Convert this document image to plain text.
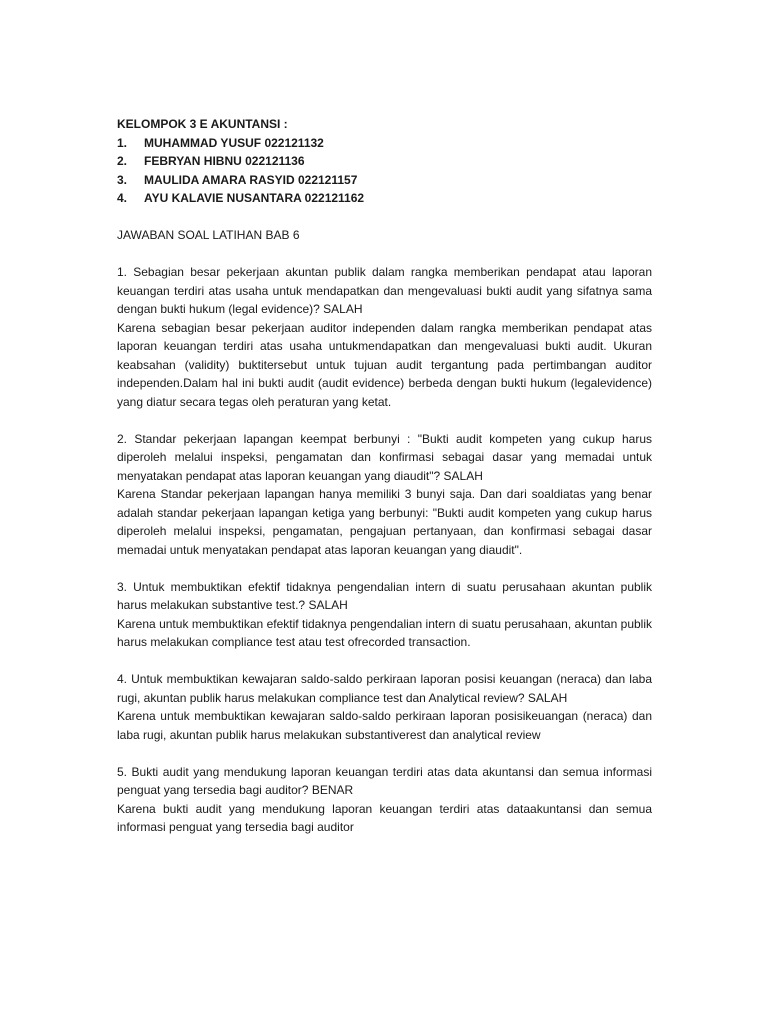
KELOMPOK 3 E AKUNTANSI :
1.	MUHAMMAD YUSUF 022121132
2.	FEBRYAN HIBNU 022121136
3.	MAULIDA AMARA RASYID 022121157
4.	AYU KALAVIE NUSANTARA 022121162
JAWABAN SOAL LATIHAN BAB 6
1. Sebagian besar pekerjaan akuntan publik dalam rangka memberikan pendapat atau laporan keuangan terdiri atas usaha untuk mendapatkan dan mengevaluasi bukti audit yang sifatnya sama dengan bukti hukum (legal evidence)? SALAH
Karena sebagian besar pekerjaan auditor independen dalam rangka memberikan pendapat atas laporan keuangan terdiri atas usaha untukmendapatkan dan mengevaluasi bukti audit. Ukuran keabsahan (validity) buktitersebut untuk tujuan audit tergantung pada pertimbangan auditor independen.Dalam hal ini bukti audit (audit evidence) berbeda dengan bukti hukum (legalevidence) yang diatur secara tegas oleh peraturan yang ketat.
2. Standar pekerjaan lapangan keempat berbunyi : "Bukti audit kompeten yang cukup harus diperoleh melalui inspeksi, pengamatan dan konfirmasi sebagai dasar yang memadai untuk menyatakan pendapat atas laporan keuangan yang diaudit"? SALAH
Karena Standar pekerjaan lapangan hanya memiliki 3 bunyi saja. Dan dari soaldiatas yang benar adalah standar pekerjaan lapangan ketiga yang berbunyi: "Bukti audit kompeten yang cukup harus diperoleh melalui inspeksi, pengamatan, pengajuan pertanyaan, dan konfirmasi sebagai dasar memadai untuk menyatakan pendapat atas laporan keuangan yang diaudit".
3. Untuk membuktikan efektif tidaknya pengendalian intern di suatu perusahaan akuntan publik harus melakukan substantive test.? SALAH
Karena untuk membuktikan efektif tidaknya pengendalian intern di suatu perusahaan, akuntan publik harus melakukan compliance test atau test ofrecorded transaction.
4. Untuk membuktikan kewajaran saldo-saldo perkiraan laporan posisi keuangan (neraca) dan laba rugi, akuntan publik harus melakukan compliance test dan Analytical review? SALAH
Karena untuk membuktikan kewajaran saldo-saldo perkiraan laporan posisikeuangan (neraca) dan laba rugi, akuntan publik harus melakukan substantiverest dan analytical review
5. Bukti audit yang mendukung laporan keuangan terdiri atas data akuntansi dan semua informasi penguat yang tersedia bagi auditor? BENAR
Karena bukti audit yang mendukung laporan keuangan terdiri atas dataakuntansi dan semua informasi penguat yang tersedia bagi auditor
